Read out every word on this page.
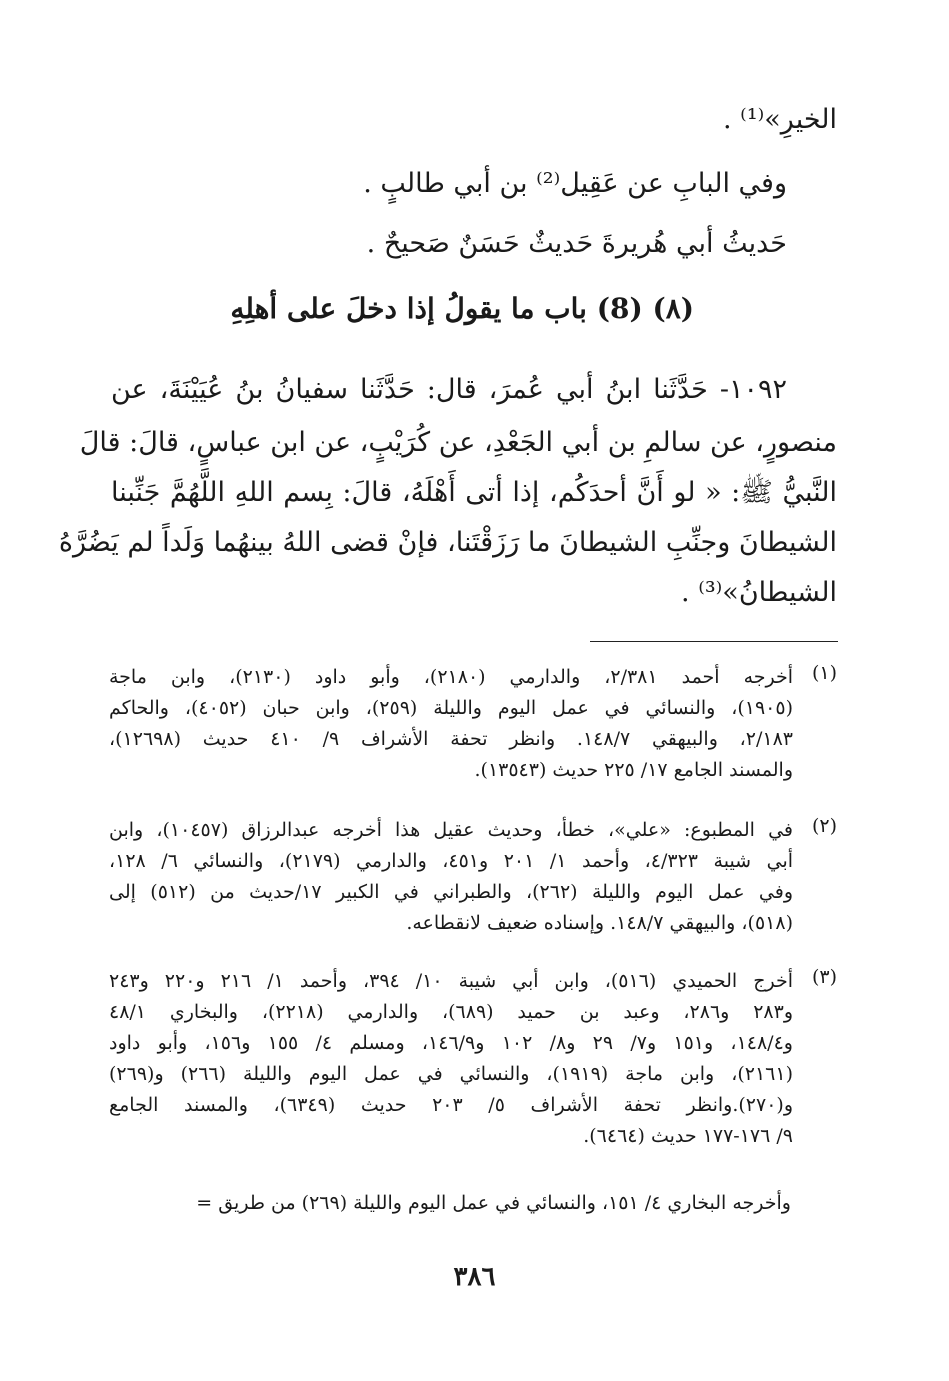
الخيرِ»⁽¹⁾ .
وفي البابِ عن عَقِيل⁽²⁾ بن أبي طالبٍ .
حَديثُ أبي هُريرةَ حَديثٌ حَسَنٌ صَحيحٌ .
(٨) (8) باب ما يقولُ إذا دخلَ على أهلِهِ
١٠٩٢- حَدَّثَنا ابنُ أبي عُمرَ، قال: حَدَّثَنا سفيانُ بنُ عُيَيْنَةَ، عن
منصورٍ، عن سالمِ بن أبي الجَعْدِ، عن كُرَيْبٍ، عن ابن عباسٍ، قالَ: قالَ
النَّبيُّ ﷺ: « لو أَنَّ أحدَكُم، إذا أتى أَهْلَهُ، قالَ: بِسم اللهِ اللَّهُمَّ جَنِّبنا
الشيطانَ وجنِّبِ الشيطانَ ما رَزَقْتَنا، فإنْ قضى اللهُ بينهُما وَلَداً لم يَضُرَّهُ
الشيطانُ»⁽³⁾ .
(١)
أخرجه أحمد ٢/٣٨١، والدارمي (٢١٨٠)، وأبو داود (٢١٣٠)، وابن ماجة
(١٩٠٥)، والنسائي في عمل اليوم والليلة (٢٥٩)، وابن حبان (٤٠٥٢)، والحاكم
٢/١٨٣، والبيهقي ١٤٨/٧. وانظر تحفة الأشراف ٩/ ٤١٠ حديث (١٢٦٩٨)،
والمسند الجامع ١٧/ ٢٢٥ حديث (١٣٥٤٣).
(٢)
في المطبوع: «علي»، خطأ، وحديث عقيل هذا أخرجه عبدالرزاق (١٠٤٥٧)، وابن
أبي شيبة ٤/٣٢٣، وأحمد ١/ ٢٠١ و٤٥١، والدارمي (٢١٧٩)، والنسائي ٦/ ١٢٨،
وفي عمل اليوم والليلة (٢٦٢)، والطبراني في الكبير ١٧/حديث من (٥١٢) إلى
(٥١٨)، والبيهقي ١٤٨/٧. وإسناده ضعيف لانقطاعه.
(٣)
أخرج الحميدي (٥١٦)، وابن أبي شيبة ١٠/ ٣٩٤، وأحمد ١/ ٢١٦ و٢٢٠ و٢٤٣
و٢٨٣ و٢٨٦، وعبد بن حميد (٦٨٩)، والدارمي (٢٢١٨)، والبخاري ٤٨/١
و١٤٨/٤، و١٥١ و٧/ ٢٩ و٨/ ١٠٢ و١٤٦/٩، ومسلم ٤/ ١٥٥ و١٥٦، وأبو داود
(٢١٦١)، وابن ماجة (١٩١٩)، والنسائي في عمل اليوم والليلة (٢٦٦) و(٢٦٩)
و(٢٧٠).وانظر تحفة الأشراف ٥/ ٢٠٣ حديث (٦٣٤٩)، والمسند الجامع
٩/ ١٧٦-١٧٧ حديث (٦٤٦٤).
وأخرجه البخاري ٤/ ١٥١، والنسائي في عمل اليوم والليلة (٢٦٩) من طريق =
٣٨٦
